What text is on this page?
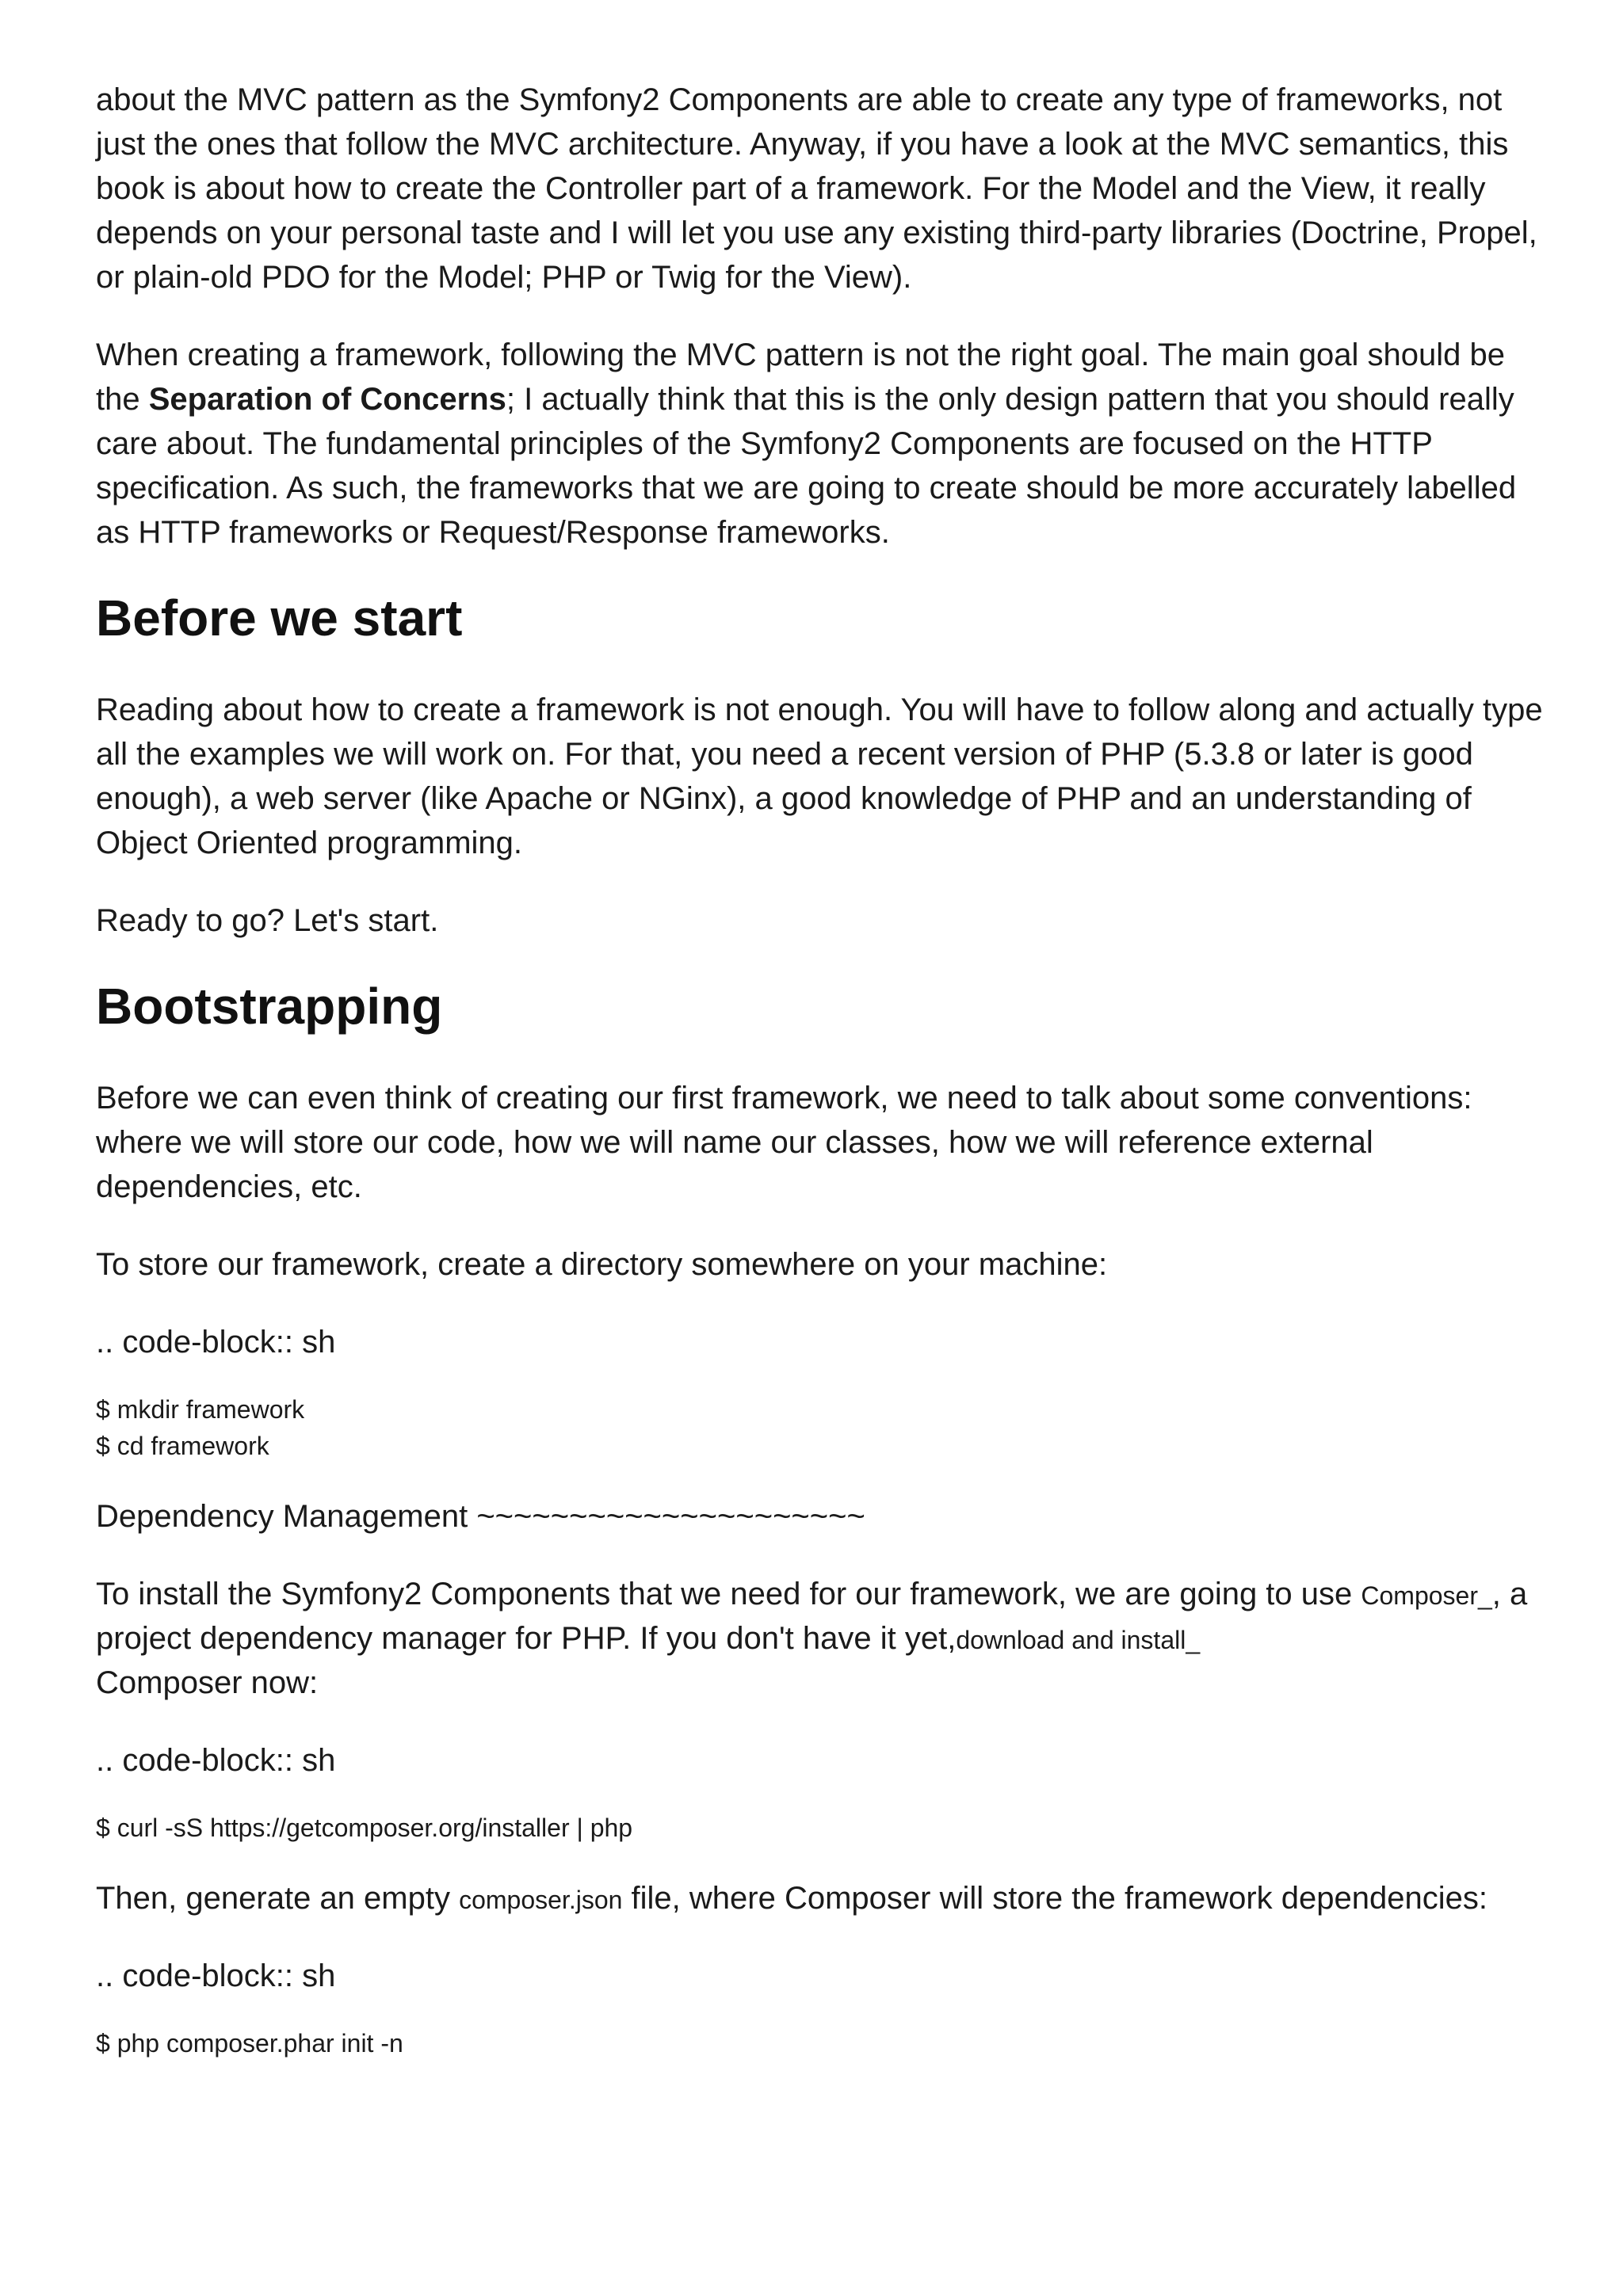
about the MVC pattern as the Symfony2 Components are able to create any type of frameworks, not just the ones that follow the MVC architecture. Anyway, if you have a look at the MVC semantics, this book is about how to create the Controller part of a framework. For the Model and the View, it really depends on your personal taste and I will let you use any existing third-party libraries (Doctrine, Propel, or plain-old PDO for the Model; PHP or Twig for the View).

When creating a framework, following the MVC pattern is not the right goal. The main goal should be the Separation of Concerns; I actually think that this is the only design pattern that you should really care about. The fundamental principles of the Symfony2 Components are focused on the HTTP specification. As such, the frameworks that we are going to create should be more accurately labelled as HTTP frameworks or Request/Response frameworks.

Before we start

Reading about how to create a framework is not enough. You will have to follow along and actually type all the examples we will work on. For that, you need a recent version of PHP (5.3.8 or later is good enough), a web server (like Apache or NGinx), a good knowledge of PHP and an understanding of Object Oriented programming.

Ready to go? Let's start.

Bootstrapping

Before we can even think of creating our first framework, we need to talk about some conventions: where we will store our code, how we will name our classes, how we will reference external dependencies, etc.

To store our framework, create a directory somewhere on your machine:

.. code-block:: sh

$ mkdir framework
$ cd framework

Dependency Management ~~~~~~~~~~~~~~~~~~~~~

To install the Symfony2 Components that we need for our framework, we are going to use Composer_, a project dependency manager for PHP. If you don't have it yet,download and install_
Composer now:

.. code-block:: sh

$ curl -sS https://getcomposer.org/installer | php

Then, generate an empty composer.json file, where Composer will store the framework dependencies:

.. code-block:: sh

$ php composer.phar init -n
